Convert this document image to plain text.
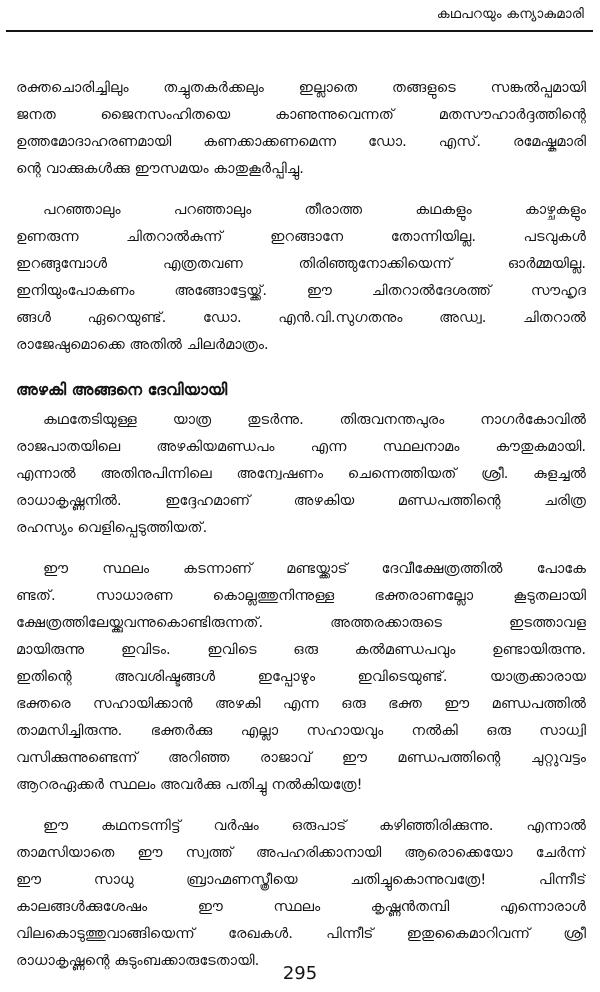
കഥപറയും കന്യാകുമാരി
രക്തചൊരിച്ചിലും തച്ചുതകർക്കലും ഇല്ലാതെ തങ്ങളുടെ സങ്കൽപ്പമായി
ജനത ജൈനസംഹിതയെ കാണുന്നുവെന്നത് മതസൗഹാർദ്ദത്തിന്റെ
ഉത്തമോദാഹരണമായി കണക്കാക്കണമെന്ന ഡോ. എസ്. രമേഷ്കുമാരി
ന്റെ വാക്കുകൾക്കു ഈസമയം കാതുകൂർപ്പിച്ചു.
പറഞ്ഞാലും പറഞ്ഞാലും തീരാത്ത കഥകളും കാഴ്ചകളും
ഉണരുന്ന ചിതറാൽകുന്ന് ഇറങ്ങാനേ തോന്നിയില്ല. പടവുകൾ
ഇറങ്ങുമ്പോൾ എത്രതവണ തിരിഞ്ഞുനോക്കിയെന്ന് ഓർമ്മയില്ല.
ഇനിയുംപോകണം അങ്ങോട്ടേയ്ക്ക്. ഈ ചിതറാൽദേശത്ത് സൗഹൃദ
ങ്ങൾ ഏറെയുണ്ട്. ഡോ. എൻ.വി.സുഗതനും അഡ്വ. ചിതറാൽ
രാജേഷുമൊക്കെ അതിൽ ചിലർമാത്രം.
അഴകി അങ്ങനെ ദേവിയായി
കഥതേടിയുള്ള യാത്ര തുടർന്നു. തിരുവനന്തപുരം നാഗർകോവിൽ
രാജപാതയിലെ അഴകിയമണ്ഡപം എന്ന സ്ഥലനാമം കൗതുകമായി.
എന്നാൽ അതിനുപിന്നിലെ അന്വേഷണം ചെന്നെത്തിയത് ശ്രീ. കുളച്ചൽ
രാധാകൃഷ്ണനിൽ. ഇദ്ദേഹമാണ് അഴകിയ മണ്ഡപത്തിന്റെ ചരിത്ര
രഹസ്യം വെളിപ്പെടുത്തിയത്.
ഈ സ്ഥലം കടന്നാണ് മണ്ടയ്ക്കാട് ദേവീക്ഷേത്രത്തിൽ പോകേ
ണ്ടത്. സാധാരണ കൊല്ലത്തുനിന്നുള്ള ഭക്തരാണല്ലോ കൂടുതലായി
ക്ഷേത്രത്തിലേയ്ക്കുവന്നുകൊണ്ടിരുന്നത്. അത്തരക്കാരുടെ ഇടത്താവള
മായിരുന്നു ഇവിടം. ഇവിടെ ഒരു കൽമണ്ഡപവും ഉണ്ടായിരുന്നു.
ഇതിന്റെ അവശിഷ്ടങ്ങൾ ഇപ്പോഴും ഇവിടെയുണ്ട്. യാത്രക്കാരായ
ഭക്തരെ സഹായിക്കാൻ അഴകി എന്ന ഒരു ഭക്ത ഈ മണ്ഡപത്തിൽ
താമസിച്ചിരുന്നു. ഭക്തർക്കു എല്ലാ സഹായവും നൽകി ഒരു സാധ്വി
വസിക്കുന്നുണ്ടെന്ന് അറിഞ്ഞ രാജാവ് ഈ മണ്ഡപത്തിന്റെ ചുറ്റുവട്ടം
ആറരഏക്കർ സ്ഥലം അവർക്കു പതിച്ചു നൽകിയത്രേ!
ഈ കഥനടന്നിട്ട് വർഷം ഒരുപാട് കഴിഞ്ഞിരിക്കുന്നു. എന്നാൽ
താമസിയാതെ ഈ സ്വത്ത് അപഹരിക്കാനായി ആരൊക്കെയോ ചേർന്ന്
ഈ സാധു ബ്രാഹ്മണസ്ത്രീയെ ചതിച്ചുകൊന്നുവത്രേ! പിന്നീട്
കാലങ്ങൾക്കുശേഷം ഈ സ്ഥലം കൃഷ്ണൻതമ്പി എന്നൊരാൾ
വിലകൊടുത്തുവാങ്ങിയെന്ന് രേഖകൾ. പിന്നീട് ഇതുകൈമാറിവന്ന് ശ്രീ
രാധാകൃഷ്ണന്റെ കുടുംബക്കാരുടേതായി.
295
